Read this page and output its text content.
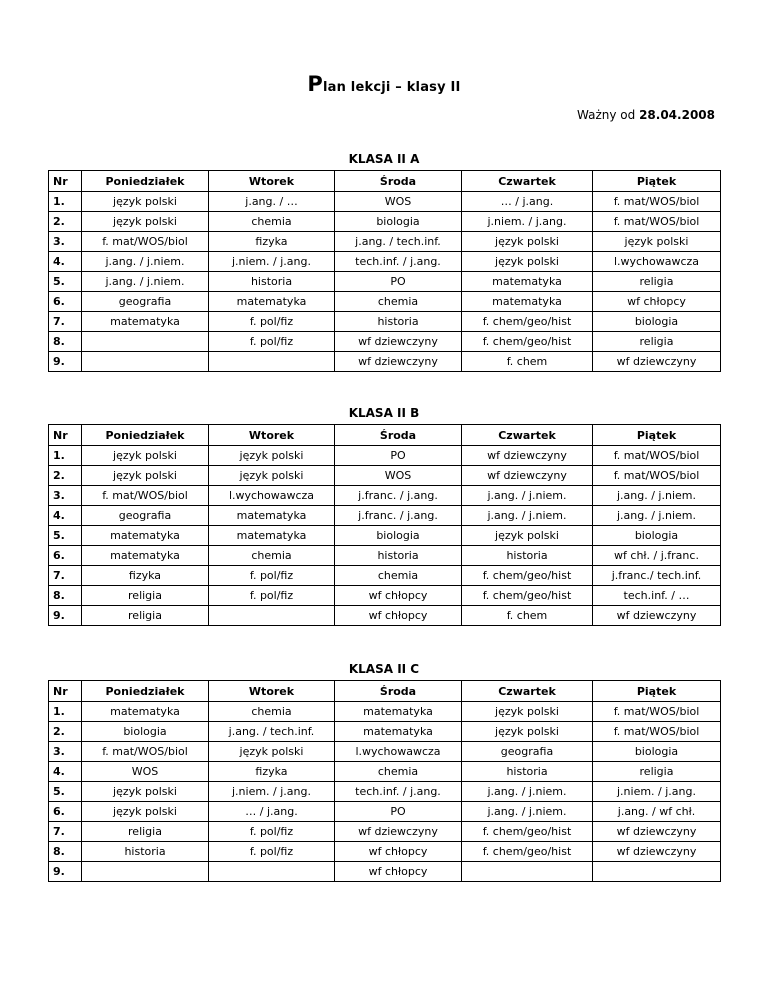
Plan lekcji – klasy II
Ważny od 28.04.2008
KLASA II A
Nr	Poniedziałek	Wtorek	Środa	Czwartek	Piątek
1.	język polski	j.ang. / …	WOS	… / j.ang.	f. mat/WOS/biol
2.	język polski	chemia	biologia	j.niem. / j.ang.	f. mat/WOS/biol
3.	f. mat/WOS/biol	fizyka	j.ang. / tech.inf.	język polski	język polski
4.	j.ang. / j.niem.	j.niem. / j.ang.	tech.inf. / j.ang.	język polski	l.wychowawcza
5.	j.ang. / j.niem.	historia	PO	matematyka	religia
6.	geografia	matematyka	chemia	matematyka	wf chłopcy
7.	matematyka	f. pol/fiz	historia	f. chem/geo/hist	biologia
8.		f. pol/fiz	wf dziewczyny	f. chem/geo/hist	religia
9.			wf dziewczyny	f. chem	wf dziewczyny
KLASA II B
Nr	Poniedziałek	Wtorek	Środa	Czwartek	Piątek
1.	język polski	język polski	PO	wf dziewczyny	f. mat/WOS/biol
2.	język polski	język polski	WOS	wf dziewczyny	f. mat/WOS/biol
3.	f. mat/WOS/biol	l.wychowawcza	j.franc. / j.ang.	j.ang. / j.niem.	j.ang. / j.niem.
4.	geografia	matematyka	j.franc. / j.ang.	j.ang. / j.niem.	j.ang. / j.niem.
5.	matematyka	matematyka	biologia	język polski	biologia
6.	matematyka	chemia	historia	historia	wf chł. / j.franc.
7.	fizyka	f. pol/fiz	chemia	f. chem/geo/hist	j.franc./ tech.inf.
8.	religia	f. pol/fiz	wf chłopcy	f. chem/geo/hist	tech.inf. / …
9.	religia		wf chłopcy	f. chem	wf dziewczyny
KLASA II C
Nr	Poniedziałek	Wtorek	Środa	Czwartek	Piątek
1.	matematyka	chemia	matematyka	język polski	f. mat/WOS/biol
2.	biologia	j.ang. / tech.inf.	matematyka	język polski	f. mat/WOS/biol
3.	f. mat/WOS/biol	język polski	l.wychowawcza	geografia	biologia
4.	WOS	fizyka	chemia	historia	religia
5.	język polski	j.niem. / j.ang.	tech.inf. / j.ang.	j.ang. / j.niem.	j.niem. / j.ang.
6.	język polski	… / j.ang.	PO	j.ang. / j.niem.	j.ang. / wf chł.
7.	religia	f. pol/fiz	wf dziewczyny	f. chem/geo/hist	wf dziewczyny
8.	historia	f. pol/fiz	wf chłopcy	f. chem/geo/hist	wf dziewczyny
9.			wf chłopcy		
